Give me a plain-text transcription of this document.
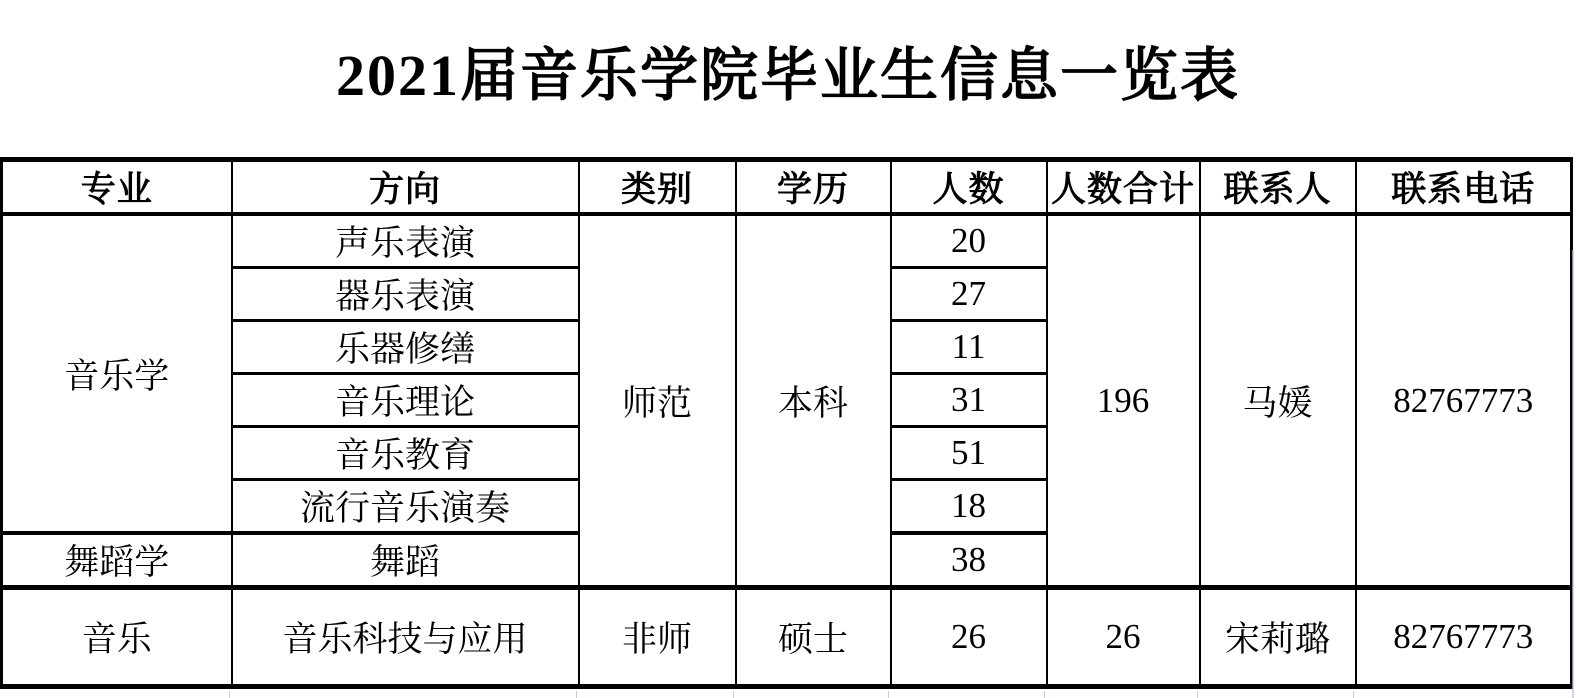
2021届音乐学院毕业生信息一览表
专业	方向	类别	学历	人数	人数合计	联系人	联系电话
音乐学	声乐表演	师范	本科	20	196	马媛	82767773
	器乐表演			27			
	乐器修缮			11			
	音乐理论			31			
	音乐教育			51			
	流行音乐演奏			18			
舞蹈学	舞蹈			38			
音乐	音乐科技与应用	非师	硕士	26	26	宋莉璐	82767773
